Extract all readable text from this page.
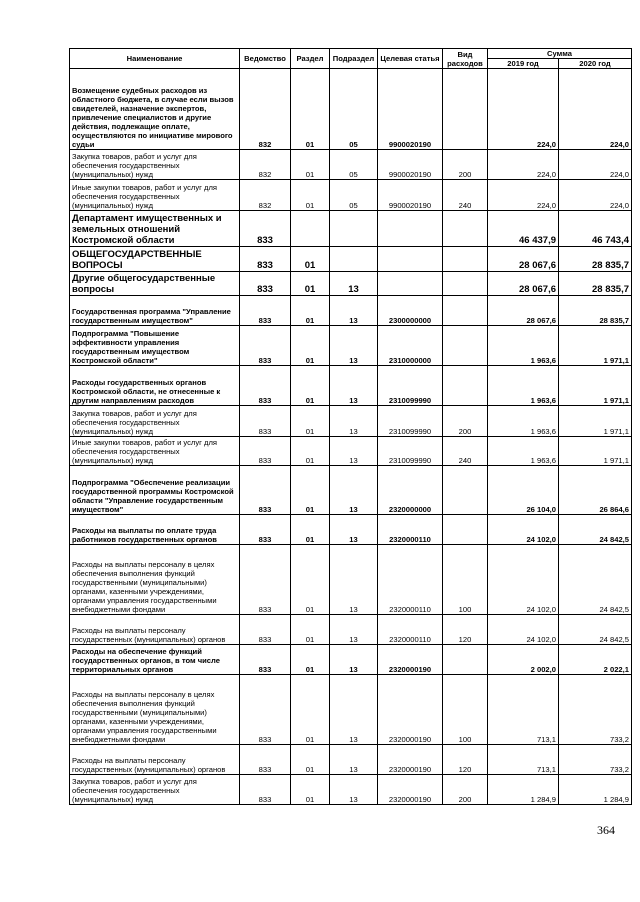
Наименование	Ведомство	Раздел	Подраздел	Целевая статья	Вид расходов	Сумма	
						2019 год	2020 год
Возмещение судебных расходов из областного бюджета, в случае если вызов свидетелей, назначение экспертов, привлечение специалистов и другие действия, подлежащие оплате, осуществляются по инициативе мирового судьи	832	01	05	9900020190		224,0	224,0
Закупка товаров, работ и услуг для обеспечения государственных (муниципальных) нужд	832	01	05	9900020190	200	224,0	224,0
Иные закупки товаров, работ и услуг для обеспечения государственных (муниципальных) нужд	832	01	05	9900020190	240	224,0	224,0
Департамент имущественных и земельных отношений Костромской области	833					46 437,9	46 743,4
ОБЩЕГОСУДАРСТВЕННЫЕ ВОПРОСЫ	833	01				28 067,6	28 835,7
Другие общегосударственные вопросы	833	01	13			28 067,6	28 835,7
Государственная программа "Управление государственным имуществом"	833	01	13	2300000000		28 067,6	28 835,7
Подпрограмма "Повышение эффективности управления государственным имуществом Костромской области"	833	01	13	2310000000		1 963,6	1 971,1
Расходы государственных органов Костромской области, не отнесенные к другим направлениям расходов	833	01	13	2310099990		1 963,6	1 971,1
Закупка товаров, работ и услуг для обеспечения государственных (муниципальных) нужд	833	01	13	2310099990	200	1 963,6	1 971,1
Иные закупки товаров, работ и услуг для обеспечения государственных (муниципальных) нужд	833	01	13	2310099990	240	1 963,6	1 971,1
Подпрограмма "Обеспечение реализации государственной программы Костромской области "Управление государственным имуществом"	833	01	13	2320000000		26 104,0	26 864,6
Расходы на выплаты по оплате труда работников государственных органов	833	01	13	2320000110		24 102,0	24 842,5
Расходы на выплаты персоналу в целях обеспечения выполнения функций государственными (муниципальными) органами, казенными учреждениями, органами управления государственными внебюджетными фондами	833	01	13	2320000110	100	24 102,0	24 842,5
Расходы на выплаты персоналу государственных (муниципальных) органов	833	01	13	2320000110	120	24 102,0	24 842,5
Расходы на обеспечение функций государственных органов, в том числе территориальных органов	833	01	13	2320000190		2 002,0	2 022,1
Расходы на выплаты персоналу в целях обеспечения выполнения функций государственными (муниципальными) органами, казенными учреждениями, органами управления государственными внебюджетными фондами	833	01	13	2320000190	100	713,1	733,2
Расходы на выплаты персоналу государственных (муниципальных) органов	833	01	13	2320000190	120	713,1	733,2
Закупка товаров, работ и услуг для обеспечения государственных (муниципальных) нужд	833	01	13	2320000190	200	1 284,9	1 284,9
364
